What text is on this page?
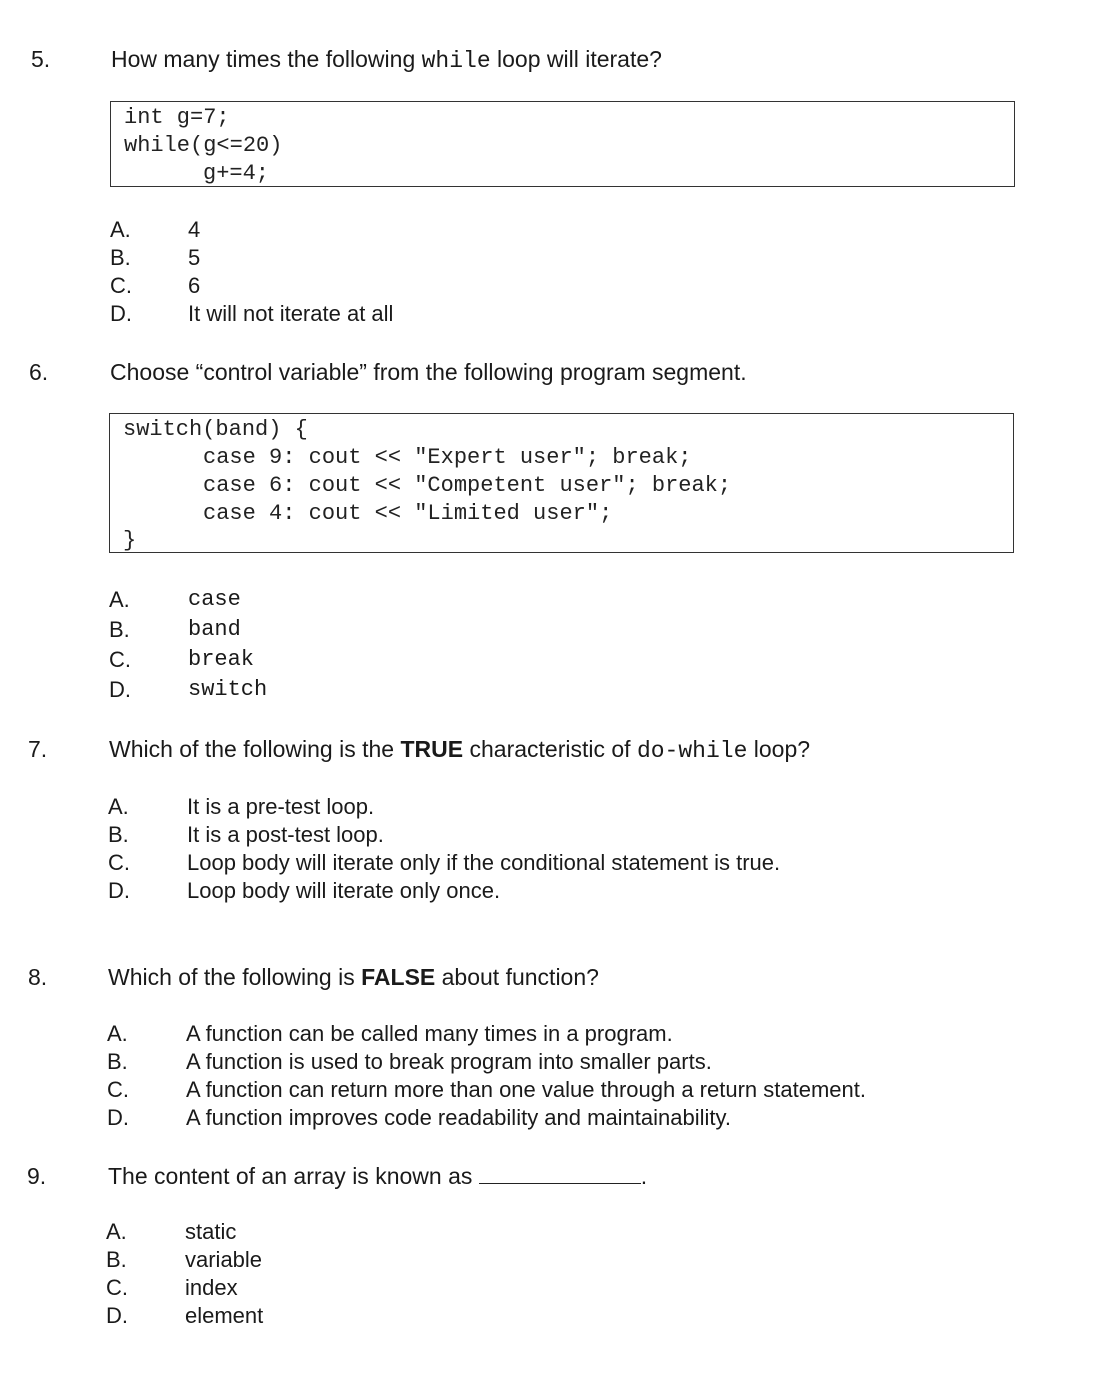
5.	How many times the following while loop will iterate?
int g=7;
while(g<=20)
g+=4;
A.	4
B.	5
C.	6
D.	It will not iterate at all
6.	Choose “control variable” from the following program segment.
switch(band) {
case 9: cout << "Expert user"; break;
case 6: cout << "Competent user"; break;
case 4: cout << "Limited user";
}
A.	case
B.	band
C.	break
D.	switch
7.	Which of the following is the TRUE characteristic of do-while loop?
A.	It is a pre-test loop.
B.	It is a post-test loop.
C.	Loop body will iterate only if the conditional statement is true.
D.	Loop body will iterate only once.
8.	Which of the following is FALSE about function?
A.	A function can be called many times in a program.
B.	A function is used to break program into smaller parts.
C.	A function can return more than one value through a return statement.
D.	A function improves code readability and maintainability.
9.	The content of an array is known as	.
A.	static
B.	variable
C.	index
D.	element
